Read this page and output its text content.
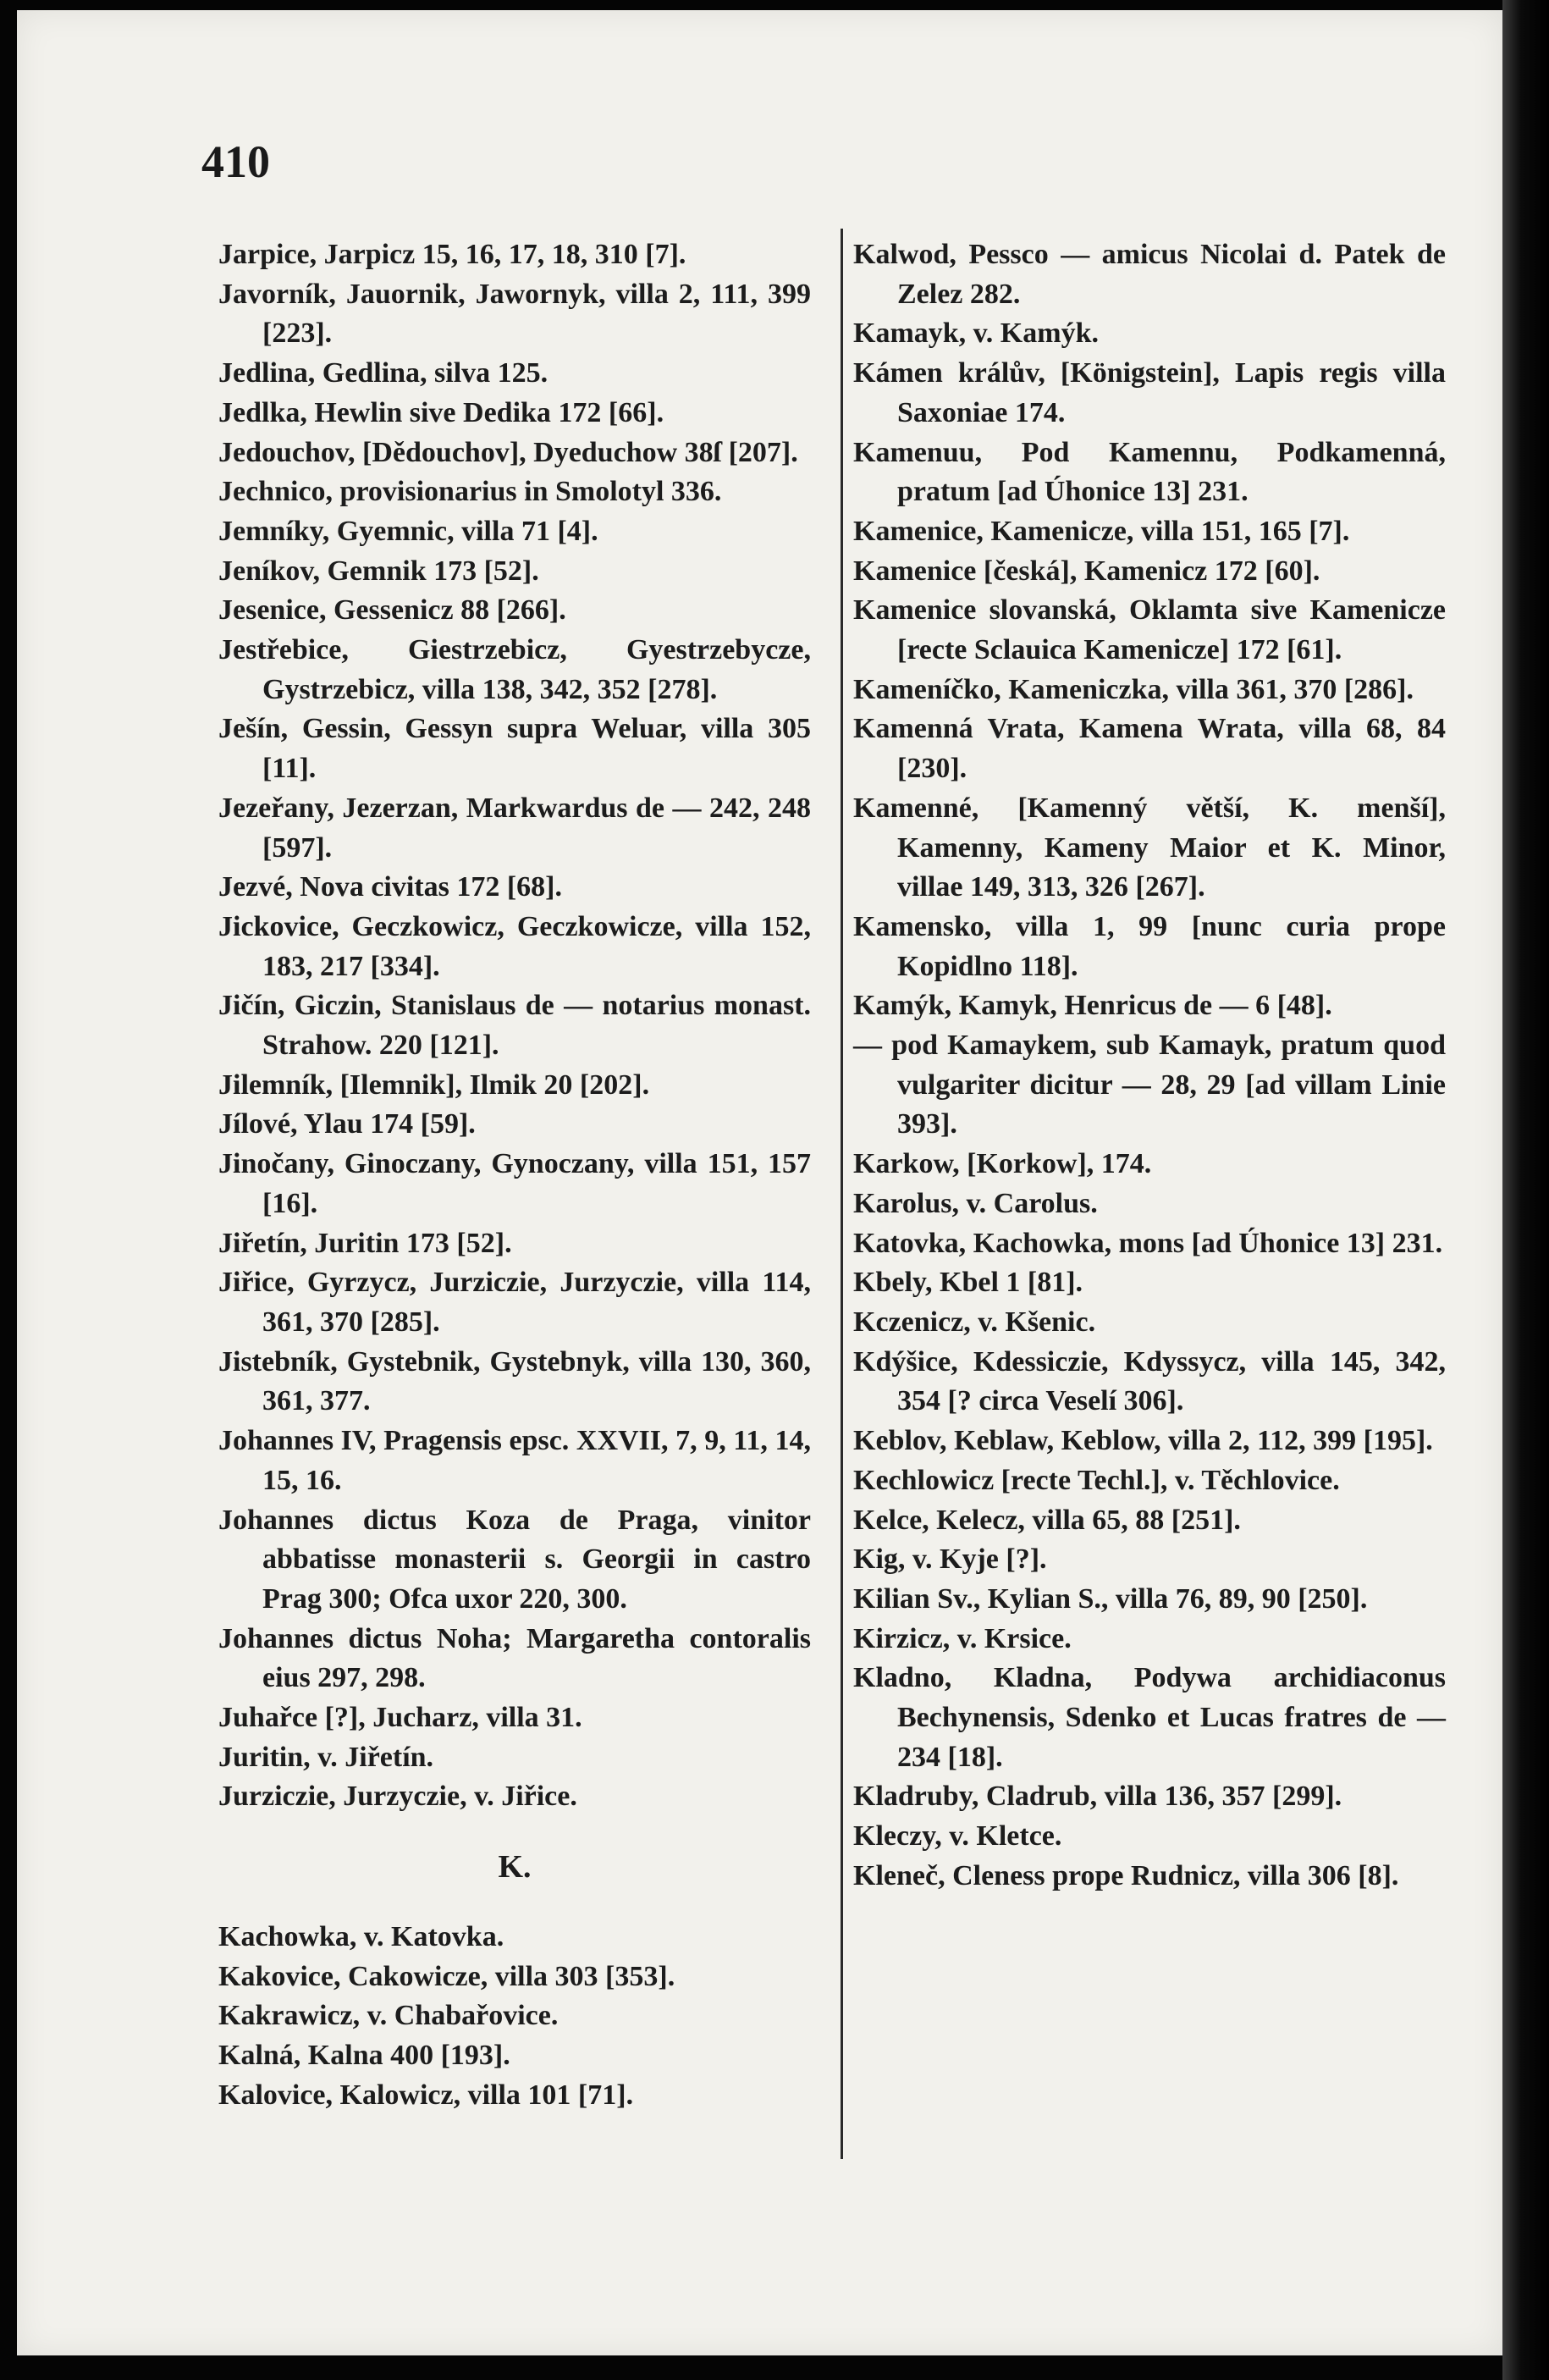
410
Jarpice, Jarpicz 15, 16, 17, 18, 310 [7].
Javorník, Jauornik, Jawornyk, villa 2, 111, 399 [223].
Jedlina, Gedlina, silva 125.
Jedlka, Hewlin sive Dedika 172 [66].
Jedouchov, [Dědouchov], Dyeduchow 38ſ [207].
Jechnico, provisionarius in Smolotyl 336.
Jemníky, Gyemnic, villa 71 [4].
Jeníkov, Gemnik 173 [52].
Jesenice, Gessenicz 88 [266].
Jestřebice, Giestrzebicz, Gyestrzebycze, Gystrzebicz, villa 138, 342, 352 [278].
Ješín, Gessin, Gessyn supra Weluar, villa 305 [11].
Jezeřany, Jezerzan, Markwardus de — 242, 248 [597].
Jezvé, Nova civitas 172 [68].
Jickovice, Geczkowicz, Geczkowicze, villa 152, 183, 217 [334].
Jičín, Giczin, Stanislaus de — notarius monast. Strahow. 220 [121].
Jilemník, [Ilemnik], Ilmik 20 [202].
Jílové, Ylau 174 [59].
Jinočany, Ginoczany, Gynoczany, villa 151, 157 [16].
Jiřetín, Juritin 173 [52].
Jiřice, Gyrzycz, Jurziczie, Jurzyczie, villa 114, 361, 370 [285].
Jistebník, Gystebnik, Gystebnyk, villa 130, 360, 361, 377.
Johannes IV, Pragensis epsc. XXVII, 7, 9, 11, 14, 15, 16.
Johannes dictus Koza de Praga, vinitor abbatisse monasterii s. Georgii in castro Prag 300; Ofca uxor 220, 300.
Johannes dictus Noha; Margaretha contoralis eius 297, 298.
Juhařce [?], Jucharz, villa 31.
Juritin, v. Jiřetín.
Jurziczie, Jurzyczie, v. Jiřice.
K.
Kachowka, v. Katovka.
Kakovice, Cakowicze, villa 303 [353].
Kakrawicz, v. Chabařovice.
Kalná, Kalna 400 [193].
Kalovice, Kalowicz, villa 101 [71].
Kalwod, Pessco — amicus Nicolai d. Patek de Zelez 282.
Kamayk, v. Kamýk.
Kámen králův, [Königstein], Lapis regis villa Saxoniae 174.
Kamenuu, Pod Kamennu, Podkamenná, pratum [ad Úhonice 13] 231.
Kamenice, Kamenicze, villa 151, 165 [7].
Kamenice [česká], Kamenicz 172 [60].
Kamenice slovanská, Oklamta sive Kamenicze [recte Sclauica Kamenicze] 172 [61].
Kameníčko, Kameniczka, villa 361, 370 [286].
Kamenná Vrata, Kamena Wrata, villa 68, 84 [230].
Kamenné, [Kamenný větší, K. menší], Kamenny, Kameny Maior et K. Minor, villae 149, 313, 326 [267].
Kamensko, villa 1, 99 [nunc curia prope Kopidlno 118].
Kamýk, Kamyk, Henricus de — 6 [48].
— pod Kamaykem, sub Kamayk, pratum quod vulgariter dicitur — 28, 29 [ad villam Linie 393].
Karkow, [Korkow], 174.
Karolus, v. Carolus.
Katovka, Kachowka, mons [ad Úhonice 13] 231.
Kbely, Kbel 1 [81].
Kczenicz, v. Kšenic.
Kdýšice, Kdessiczie, Kdyssycz, villa 145, 342, 354 [? circa Veselí 306].
Keblov, Keblaw, Keblow, villa 2, 112, 399 [195].
Kechlowicz [recte Techl.], v. Těchlovice.
Kelce, Kelecz, villa 65, 88 [251].
Kig, v. Kyje [?].
Kilian Sv., Kylian S., villa 76, 89, 90 [250].
Kirzicz, v. Krsice.
Kladno, Kladna, Podywa archidiaconus Bechynensis, Sdenko et Lucas fratres de — 234 [18].
Kladruby, Cladrub, villa 136, 357 [299].
Kleczy, v. Kletce.
Kleneč, Cleness prope Rudnicz, villa 306 [8].
